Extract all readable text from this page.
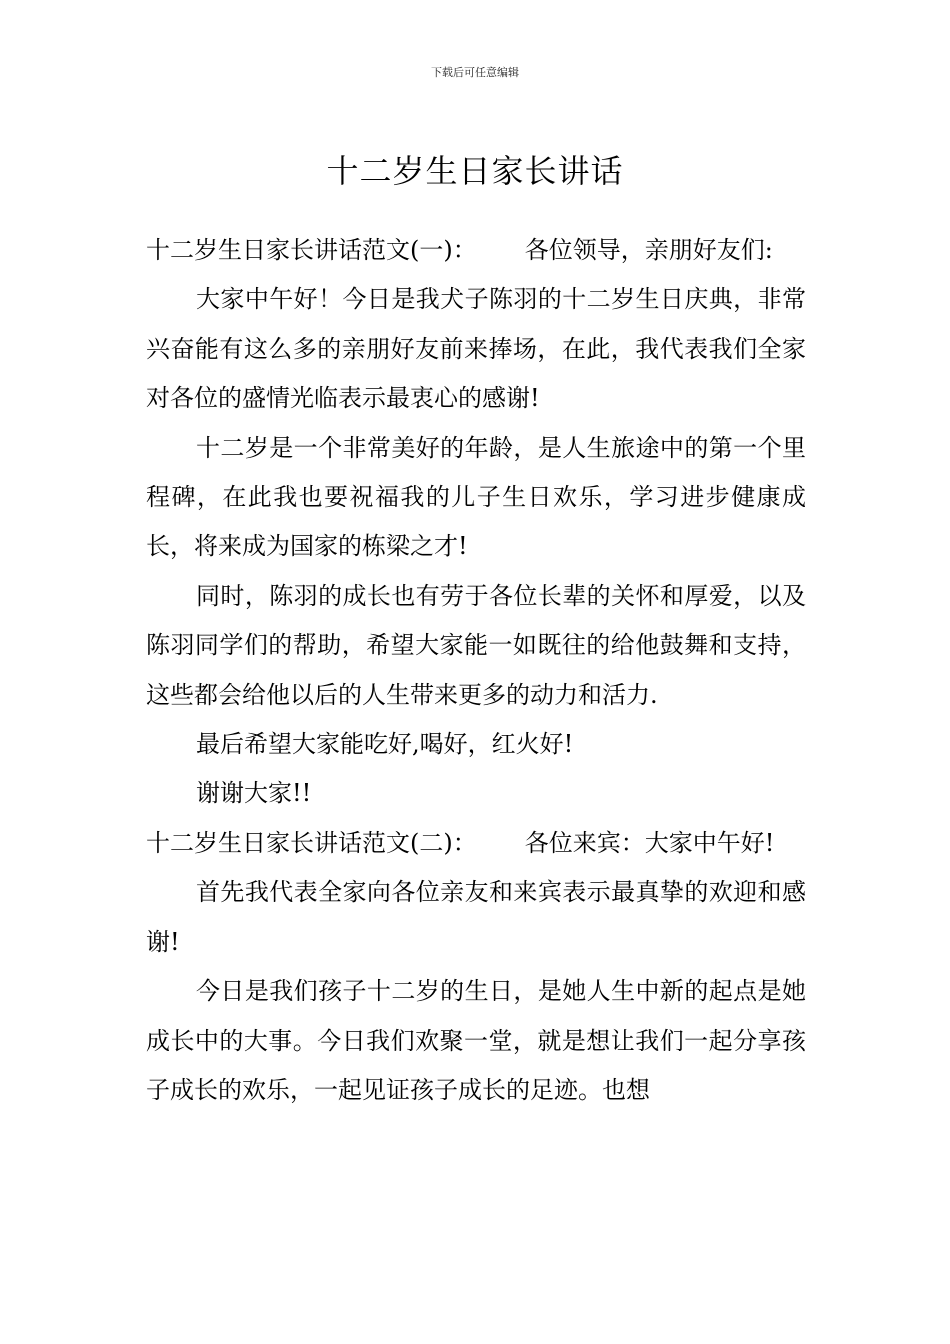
下载后可任意编辑
十二岁生日家长讲话

十二岁生日家长讲话范文(一)： 各位领导，亲朋好友们:

大家中午好！今日是我犬子陈羽的十二岁生日庆典，非常兴奋能有这么多的亲朋好友前来捧场，在此，我代表我们全家对各位的盛情光临表示最衷心的感谢!

十二岁是一个非常美好的年龄，是人生旅途中的第一个里程碑，在此我也要祝福我的儿子生日欢乐，学习进步健康成长，将来成为国家的栋梁之才!

同时，陈羽的成长也有劳于各位长辈的关怀和厚爱，以及陈羽同学们的帮助，希望大家能一如既往的给他鼓舞和支持，这些都会给他以后的人生带来更多的动力和活力.

最后希望大家能吃好,喝好，红火好!

谢谢大家!!

十二岁生日家长讲话范文(二)： 各位来宾：大家中午好!

首先我代表全家向各位亲友和来宾表示最真挚的欢迎和感谢!

今日是我们孩子十二岁的生日，是她人生中新的起点是她成长中的大事。今日我们欢聚一堂，就是想让我们一起分享孩子成长的欢乐，一起见证孩子成长的足迹。也想
